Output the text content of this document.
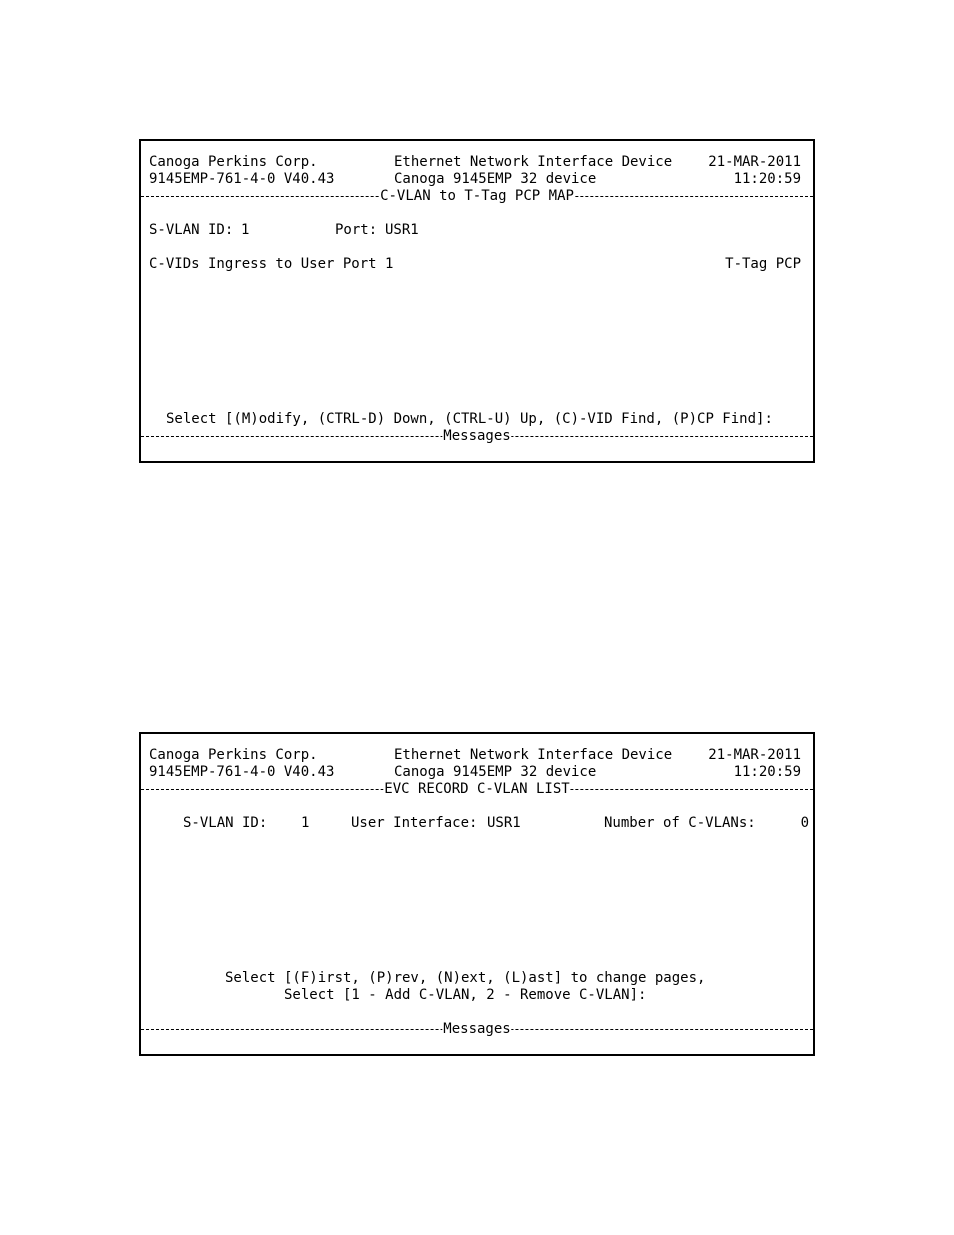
Canoga Perkins Corp.

	Ethernet Network Interface Device

	21-MAR-2011

9145EMP-761-4-0 V40.43

	Canoga 9145EMP 32 device

	11:20:59

C-VLAN to T-Tag PCP MAP

S-VLAN ID:

1

	Port:

USR1

C-VIDs Ingress to User Port 1

	T-Tag PCP

Select [(M)odify, (CTRL-D) Down, (CTRL-U) Up, (C)-VID Find, (P)CP Find]:

Messages

Canoga Perkins Corp.

	Ethernet Network Interface Device

	21-MAR-2011

9145EMP-761-4-0 V40.43

	Canoga 9145EMP 32 device

	11:20:59

EVC RECORD C-VLAN LIST

S-VLAN ID:

1

	User Interface:

USR1

	Number of C-VLANs:

	0

Select [(F)irst, (P)rev, (N)ext, (L)ast] to change pages,

Select [1 - Add C-VLAN, 2 - Remove C-VLAN]:

Messages
